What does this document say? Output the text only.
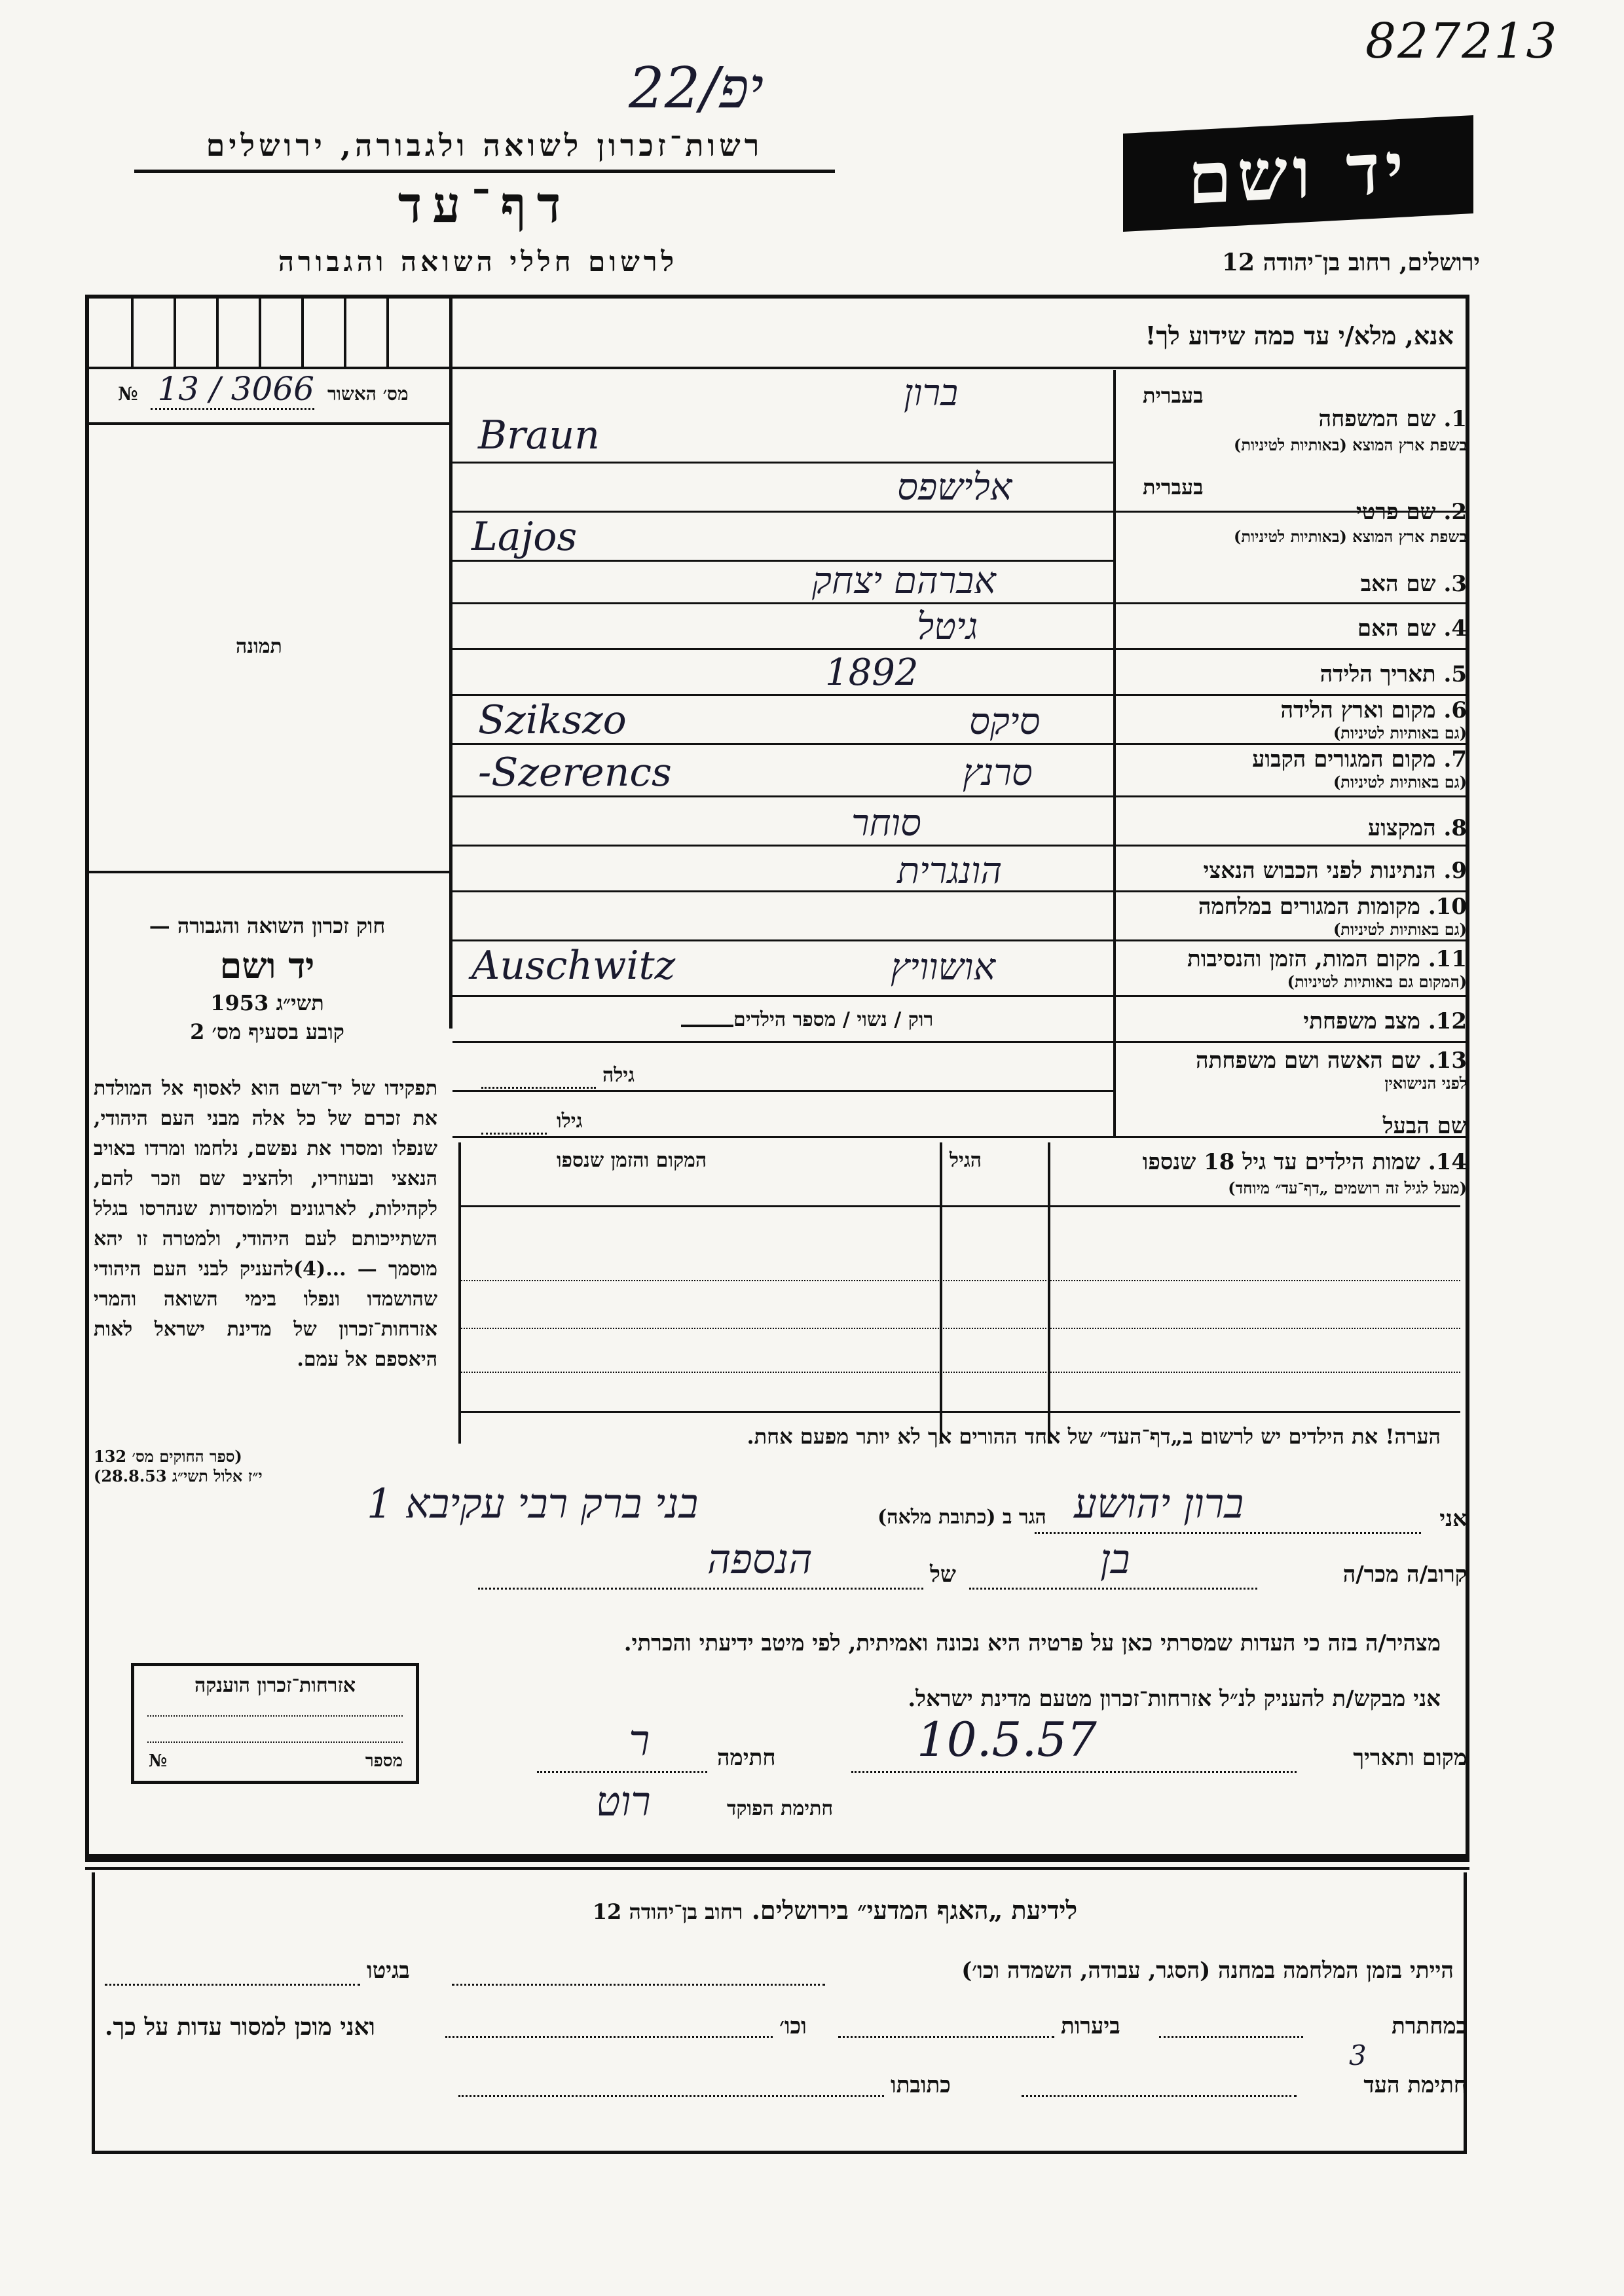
827213
יפ/22
רשות־זכרון לשואה ולגבורה, ירושלים
דף־עד
לרשום חללי השואה והגבורה
יד ושם
ירושלים, רחוב בן־יהודה 12
אנא, מלא/י עד כמה שידוע לך!
מס׳ האשור
№ 3066 / 13
תמונה
בעברית
בעברית
1. שם המשפחה
בשפת ארץ המוצא (באותיות לטיניות)
ברון
Braun
2. שם פרטי
בשפת ארץ המוצא (באותיות לטיניות)
אלישפס
Lajos
3. שם האב
אברהם יצחק
4. שם האם
גיטל
5. תאריך הלידה
1892
6. מקום וארץ הלידה
(גם באותיות לטיניות)
סיקס
Szikszo
7. מקום המגורים הקבוע
(גם באותיות לטיניות)
סרנץ
Szerencs-
8. המקצוע
סוחר
9. הנתינות לפני הכבוש הנאצי
הונגרית
10. מקומות המגורים במלחמה
(גם באותיות לטיניות)
11. מקום המות, הזמן והנסיבות
(המקום גם באותיות לטיניות)
אושוויץ
Auschwitz
12. מצב משפחתי
רוק / נשוי / מספר הילדים
13. שם האשה ושם משפחתה
לפני הנישואין
גילה
שם הבעל
גילו
14. שמות הילדים עד גיל 18 שנספו
(מעל לגיל זה רושמים „דף־עד״ מיוחד)
הגיל
המקום והזמן שנספו
הערה! את הילדים יש לרשום ב„דף־העד״ של אחד ההורים אך לא יותר מפעם אחת.
חוק זכרון השואה והגבורה —
יד ושם
תשי״ג 1953
קובע בסעיף מס׳ 2
תפקידו של יד־ושם הוא לאסוף אל המולדת את זכרם של כל אלה מבני העם היהודי, שנפלו ומסרו את נפשם, נלחמו ומרדו באויב הנאצי ובעוזריו, ולהציב שם וזכר להם, לקהילות, לארגונים ולמוסדות שנהרסו בגלל השתייכותם לעם היהודי, ולמטרה זו יהא מוסמך — ...(4)להעניק לבני העם היהודי שהושמדו ונפלו בימי השואה והמרי אזרחות־זכרון של מדינת ישראל לאות היאספם אל עמם.
(ספר החוקים מס׳ 132
י״ז אלול תשי״ג 28.8.53)
אני
ברון יהושע
הגר ב (כתובת מלאה)
בני ברק רבי עקיבא 1
קרוב/ה מכר/ה
בן
של
הנספה
מצהיר/ה בזה כי העדות שמסרתי כאן על פרטיה היא נכונה ואמיתית, לפי מיטב ידיעתי והכרתי.
אני מבקש/ת להעניק לנ״ל אזרחות־זכרון מטעם מדינת ישראל.
מקום ותאריך
10.5.57
חתימה
ר
חתימת הפוקד
רוט
אזרחות־זכרון הוענקה
מספר
№
לידיעת „האגף המדעי״ בירושלים. רחוב בן־יהודה 12
הייתי בזמן המלחמה במחנה (הסגר, עבודה, השמדה וכו׳)
בגיטו
במחתרת
ביערות
וכו׳
ואני מוכן למסור עדות על כך.
חתימת העד
3
כתובתו
